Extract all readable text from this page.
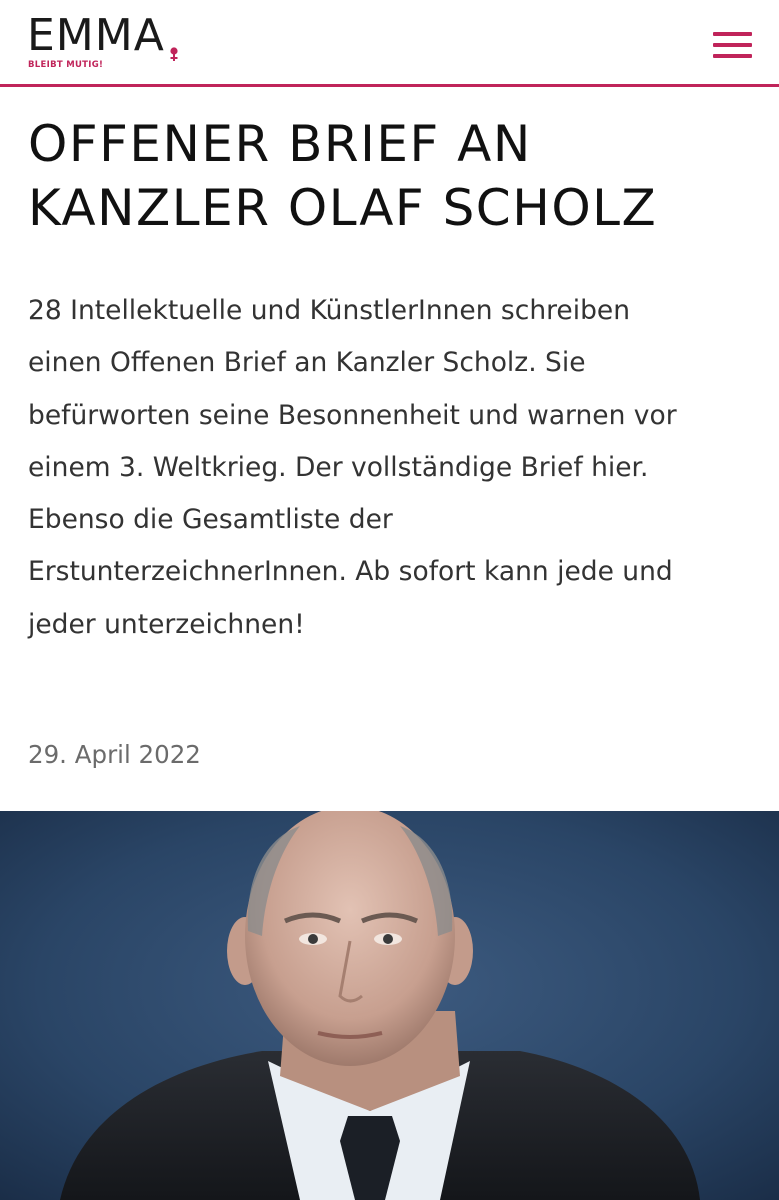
EMMA
BLEIBT MUTIG!
OFFENER BRIEF AN
KANZLER OLAF SCHOLZ

28 Intellektuelle und KünstlerInnen schreiben
einen Offenen Brief an Kanzler Scholz. Sie
befürworten seine Besonnenheit und warnen vor
einem 3. Weltkrieg. Der vollständige Brief hier.
Ebenso die Gesamtliste der
ErstunterzeichnerInnen. Ab sofort kann jede und
jeder unterzeichnen!

29. April 2022
